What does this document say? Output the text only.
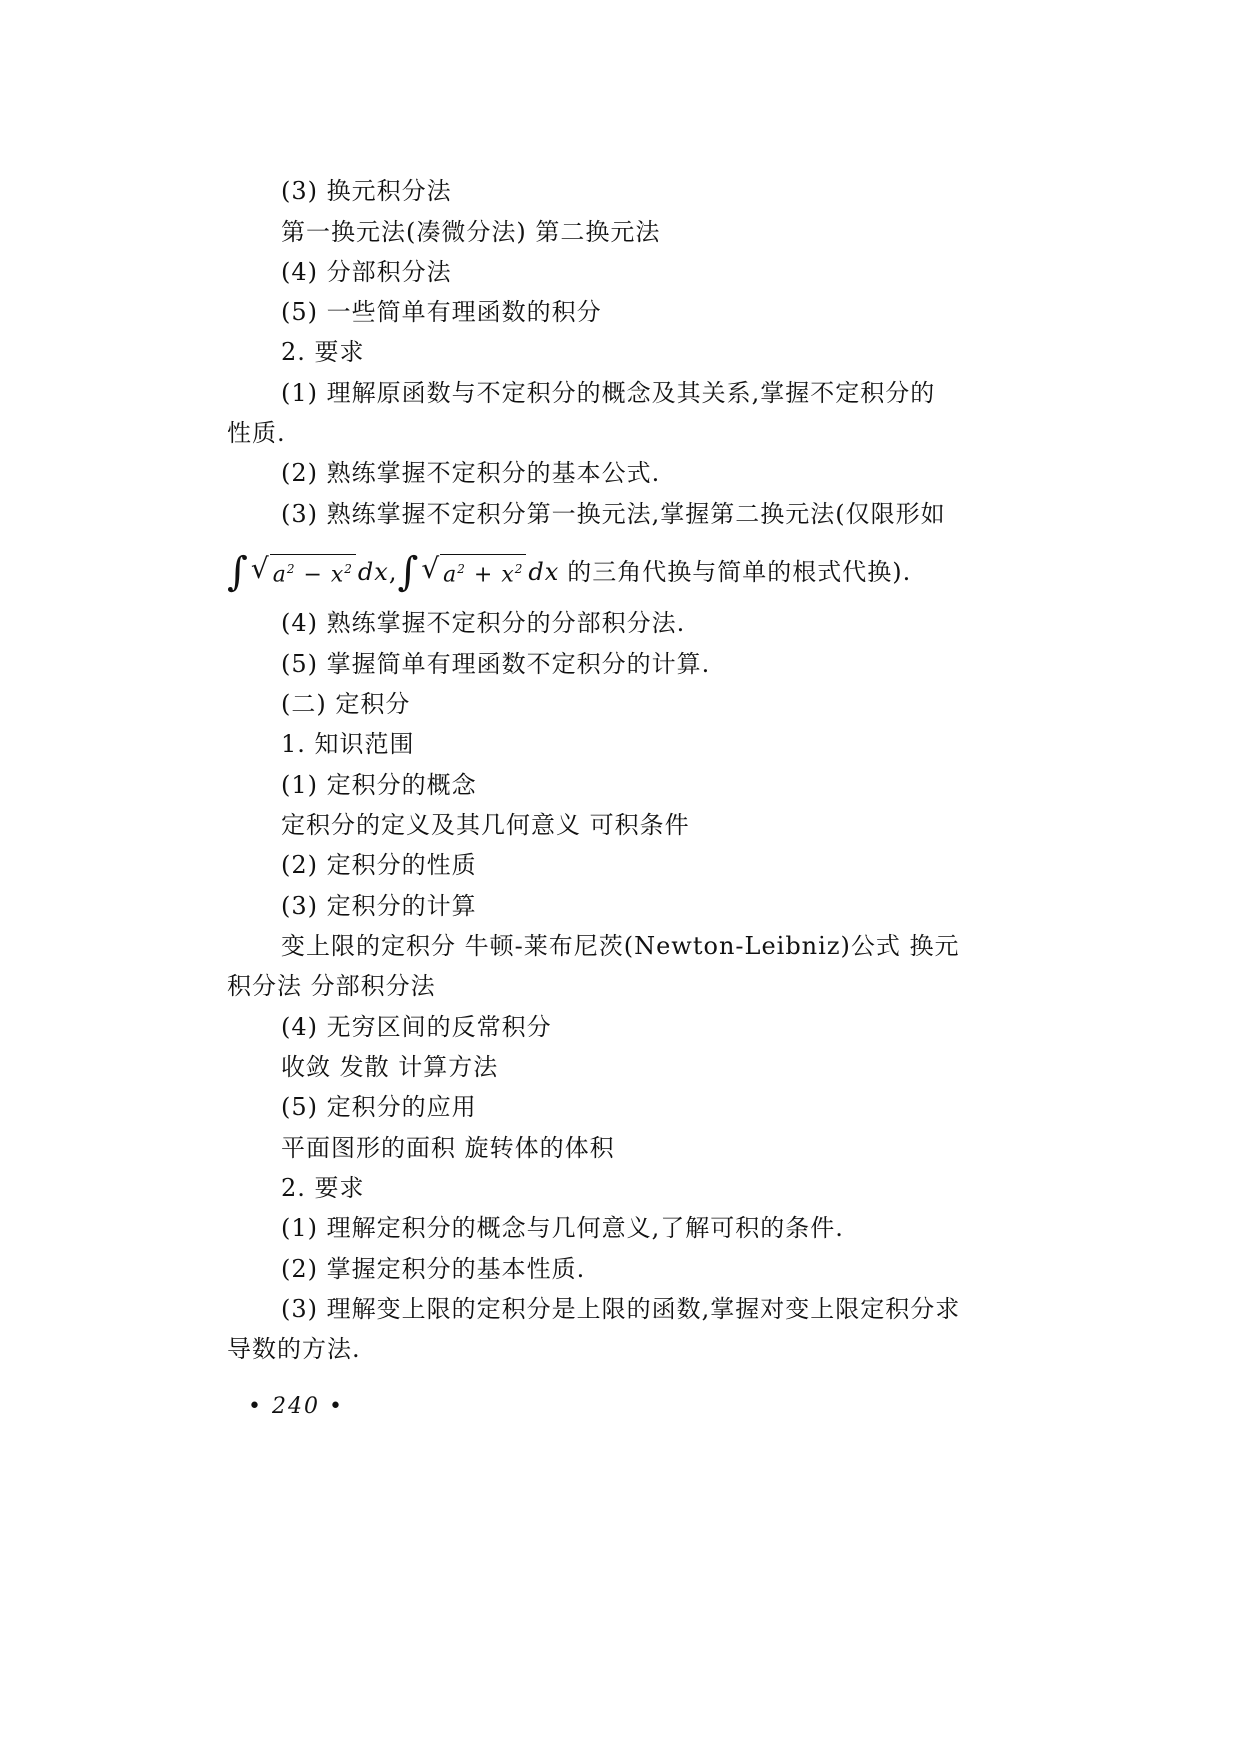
(3) 换元积分法
第一换元法(凑微分法) 第二换元法
(4) 分部积分法
(5) 一些简单有理函数的积分
2. 要求
(1) 理解原函数与不定积分的概念及其关系,掌握不定积分的
性质.
(2) 熟练掌握不定积分的基本公式.
(3) 熟练掌握不定积分第一换元法,掌握第二换元法(仅限形如
∫ √ $a^2 - x^2$ dx , ∫ √ $a^2 + x^2$ dx 的三角代换与简单的根式代换).
(4) 熟练掌握不定积分的分部积分法.
(5) 掌握简单有理函数不定积分的计算.
(二) 定积分
1. 知识范围
(1) 定积分的概念
定积分的定义及其几何意义 可积条件
(2) 定积分的性质
(3) 定积分的计算
变上限的定积分 牛顿-莱布尼茨(Newton-Leibniz)公式 换元
积分法 分部积分法
(4) 无穷区间的反常积分
收敛 发散 计算方法
(5) 定积分的应用
平面图形的面积 旋转体的体积
2. 要求
(1) 理解定积分的概念与几何意义,了解可积的条件.
(2) 掌握定积分的基本性质.
(3) 理解变上限的定积分是上限的函数,掌握对变上限定积分求
导数的方法.
• 240 •
